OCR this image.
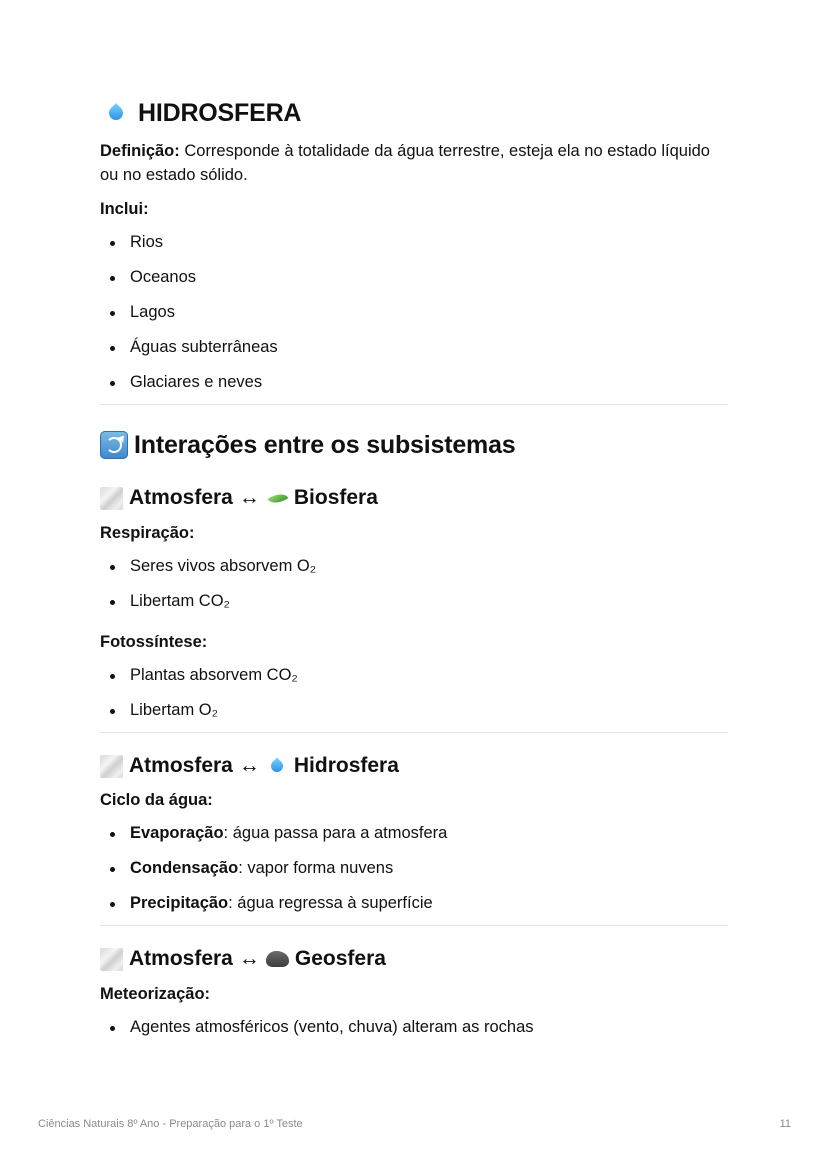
HIDROSFERA

Definição: Corresponde à totalidade da água terrestre, esteja ela no estado líquido ou no estado sólido.

Inclui:

Rios
Oceanos
Lagos
Águas subterrâneas
Glaciares e neves
Interações entre os subsistemas
Atmosfera ↔ Biosfera

Respiração:

Seres vivos absorvem O₂
Libertam CO₂

Fotossíntese:

Plantas absorvem CO₂
Libertam O₂
Atmosfera ↔ Hidrosfera

Ciclo da água:

Evaporação: água passa para a atmosfera
Condensação: vapor forma nuvens
Precipitação: água regressa à superfície
Atmosfera ↔ Geosfera

Meteorização:

Agentes atmosféricos (vento, chuva) alteram as rochas
Ciências Naturais 8º Ano - Preparação para o 1º Teste	11
